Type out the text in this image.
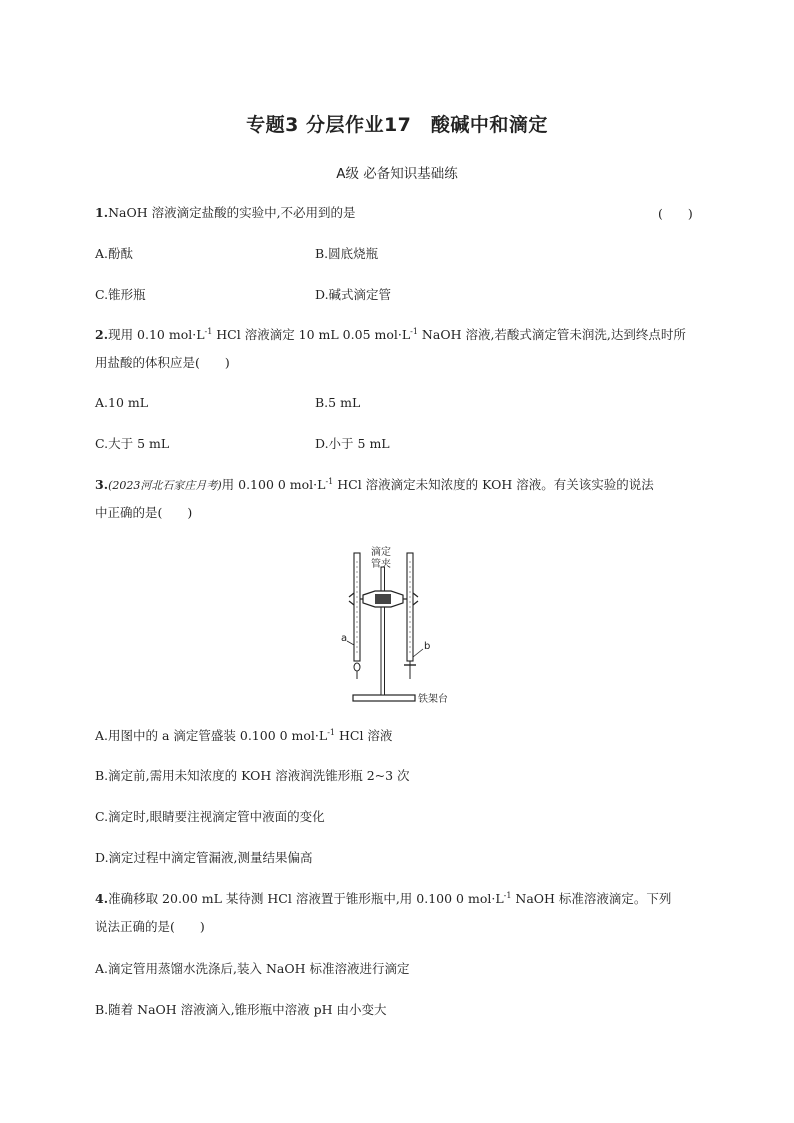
专题3 分层作业17　酸碱中和滴定
A级 必备知识基础练
1.NaOH 溶液滴定盐酸的实验中,不必用到的是	(　　)
A.酚酞	B.圆底烧瓶
C.锥形瓶	D.碱式滴定管
2.现用 0.10 $mol\cdot L^{-1}$ HCl 溶液滴定 10 mL 0.05 $mol\cdot L^{-1}$ NaOH 溶液,若酸式滴定管未润洗,达到终点时所
用盐酸的体积应是(　　)
A.10 mL	B.5 mL
C.大于 5 mL	D.小于 5 mL
3.(2023河北石家庄月考)用 0.100 0 $mol\cdot L^{-1}$ HCl 溶液滴定未知浓度的 KOH 溶液。有关该实验的说法
中正确的是(　　)
滴定
管夹
a
b
铁架台
A.用图中的 a 滴定管盛装 0.100 0 $mol\cdot L^{-1}$ HCl 溶液
B.滴定前,需用未知浓度的 KOH 溶液润洗锥形瓶 2~3 次
C.滴定时,眼睛要注视滴定管中液面的变化
D.滴定过程中滴定管漏液,测量结果偏高
4.准确移取 20.00 mL 某待测 HCl 溶液置于锥形瓶中,用 0.100 0 $mol\cdot L^{-1}$ NaOH 标准溶液滴定。下列
说法正确的是(　　)
A.滴定管用蒸馏水洗涤后,装入 NaOH 标准溶液进行滴定
B.随着 NaOH 溶液滴入,锥形瓶中溶液 pH 由小变大
